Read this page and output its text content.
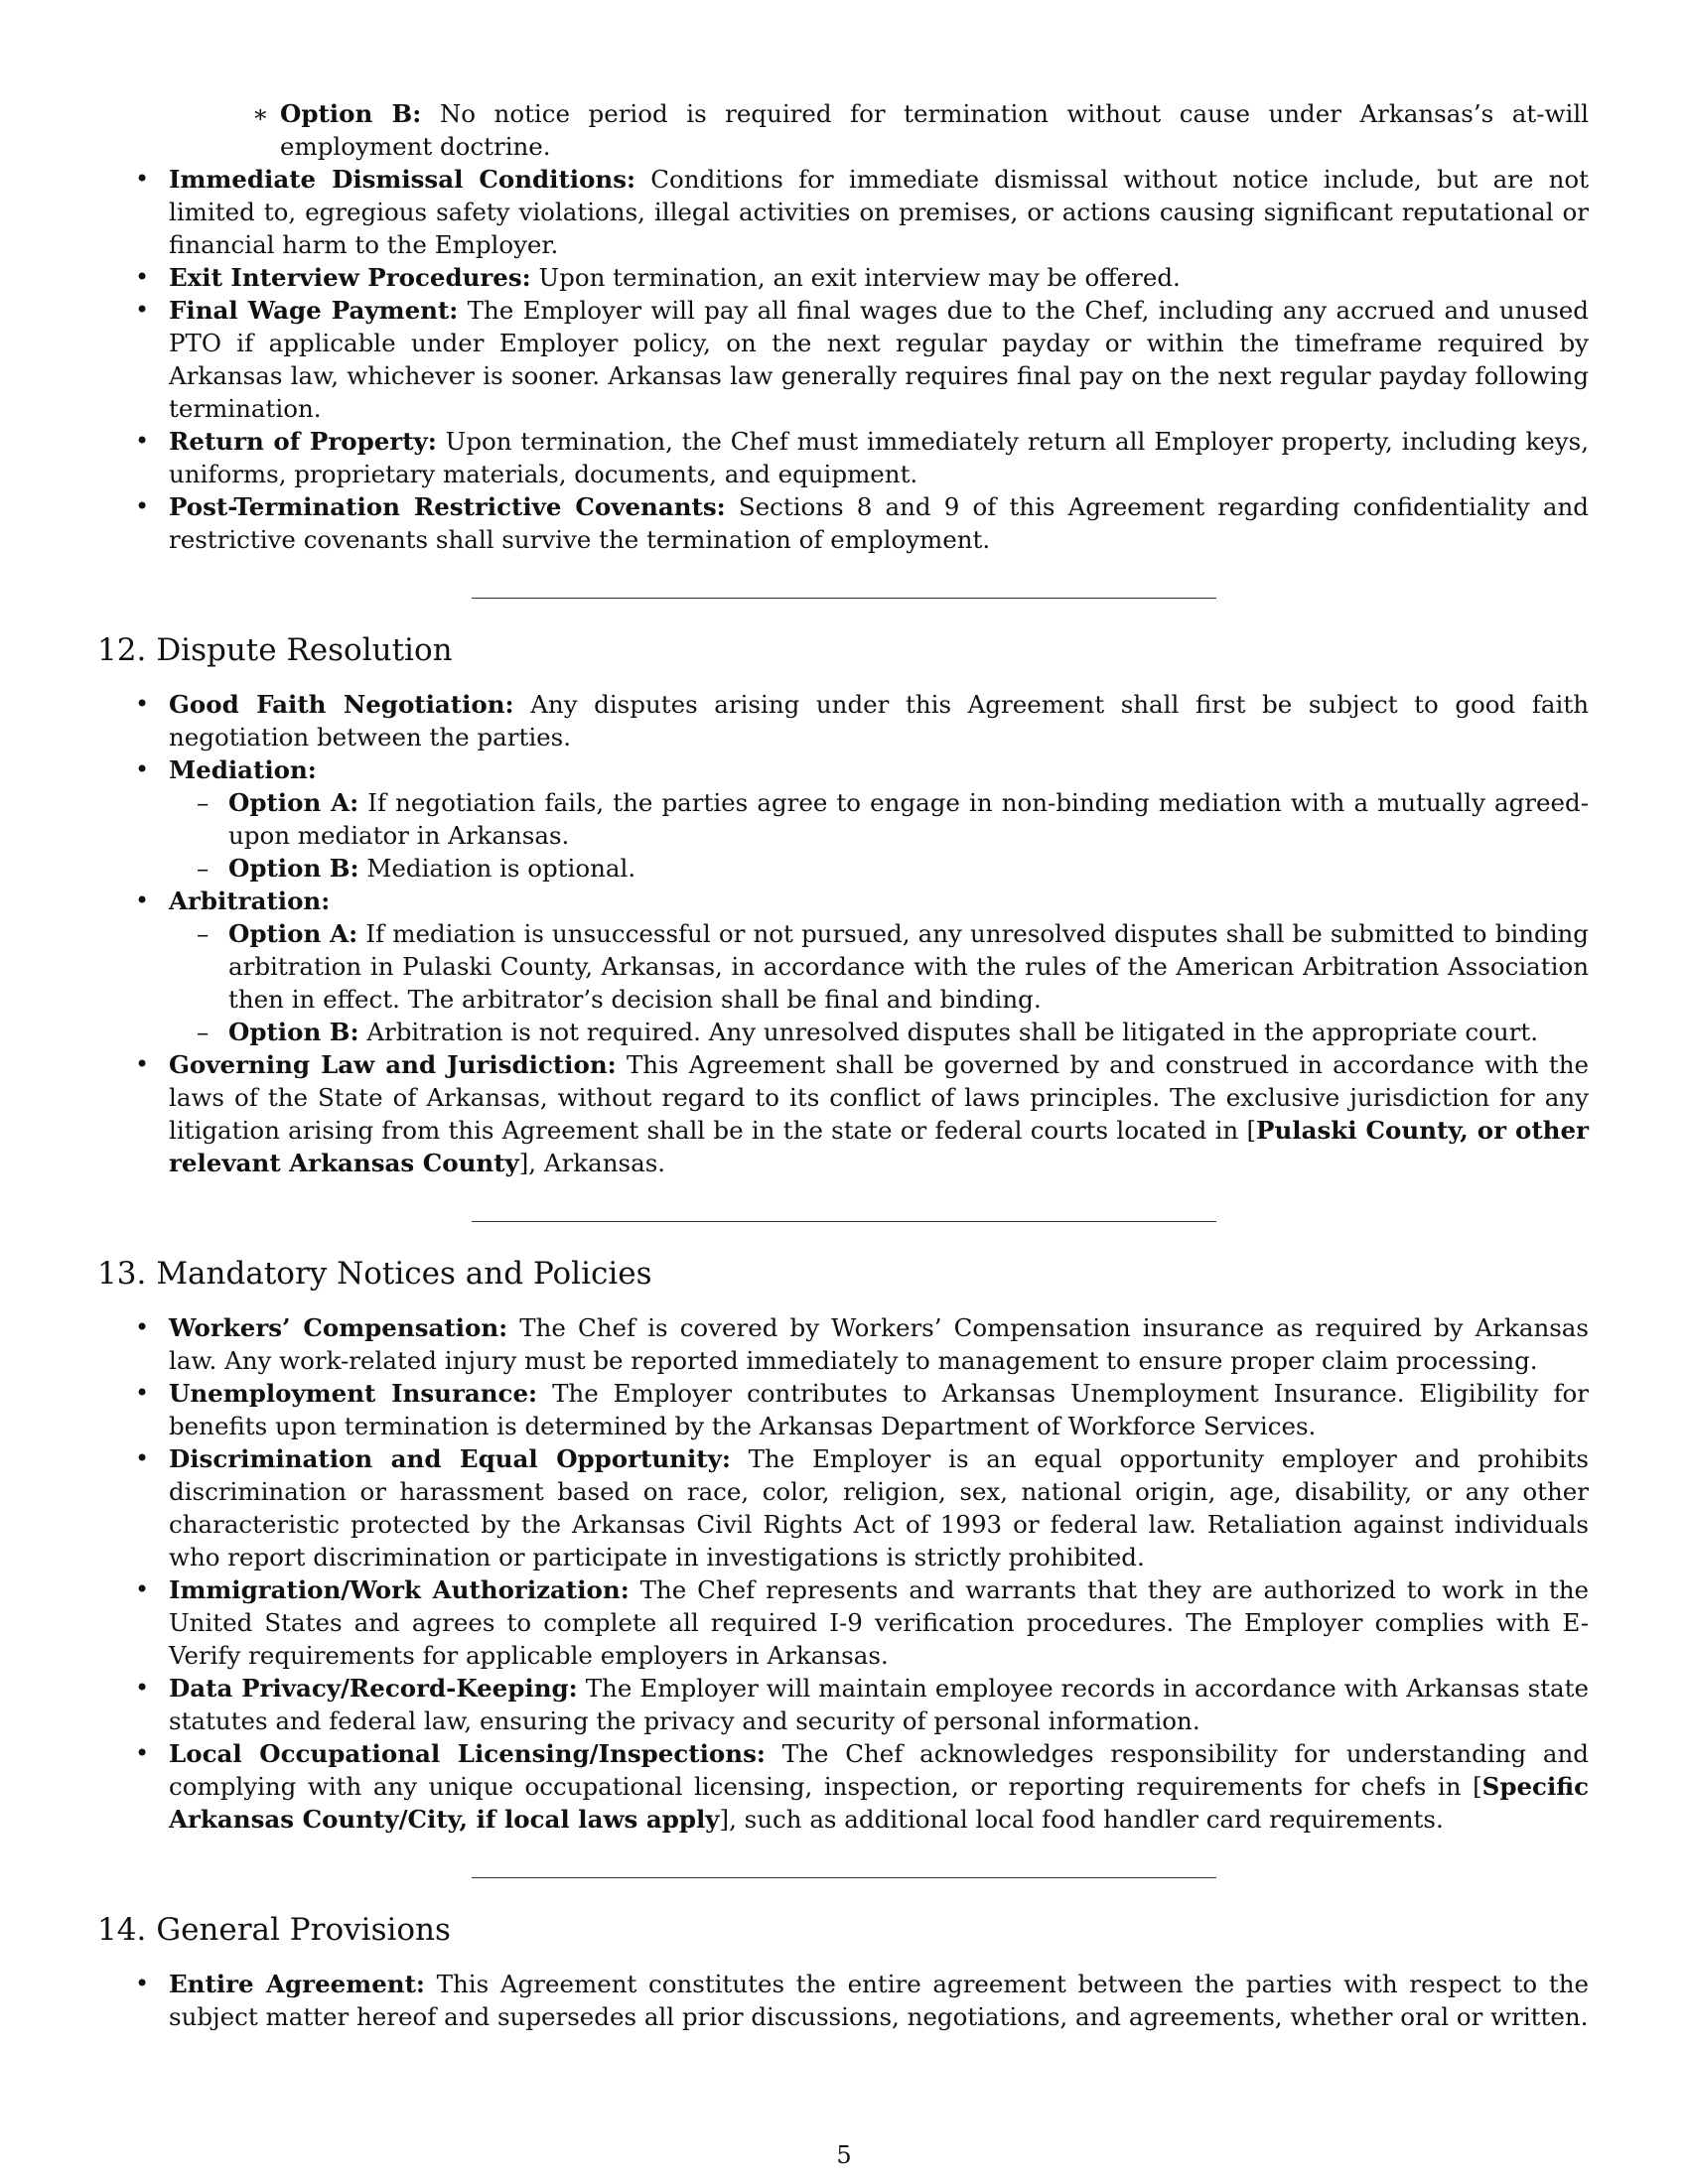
∗ Option B: No notice period is required for termination without cause under Arkansas’s at-will employment doctrine.
• Immediate Dismissal Conditions: Conditions for immediate dismissal without notice include, but are not limited to, egregious safety violations, illegal activities on premises, or actions causing significant reputational or financial harm to the Employer.
• Exit Interview Procedures: Upon termination, an exit interview may be offered.
• Final Wage Payment: The Employer will pay all final wages due to the Chef, including any accrued and unused PTO if applicable under Employer policy, on the next regular payday or within the timeframe required by Arkansas law, whichever is sooner. Arkansas law generally requires final pay on the next regular payday following termination.
• Return of Property: Upon termination, the Chef must immediately return all Employer property, including keys, uniforms, proprietary materials, documents, and equipment.
• Post-Termination Restrictive Covenants: Sections 8 and 9 of this Agreement regarding confidentiality and restrictive covenants shall survive the termination of employment.
12. Dispute Resolution
• Good Faith Negotiation: Any disputes arising under this Agreement shall first be subject to good faith negotiation between the parties.
• Mediation:
– Option A: If negotiation fails, the parties agree to engage in non-binding mediation with a mutually agreed-upon mediator in Arkansas.
– Option B: Mediation is optional.
• Arbitration:
– Option A: If mediation is unsuccessful or not pursued, any unresolved disputes shall be submitted to binding arbitration in Pulaski County, Arkansas, in accordance with the rules of the American Arbitration Association then in effect. The arbitrator’s decision shall be final and binding.
– Option B: Arbitration is not required. Any unresolved disputes shall be litigated in the appropriate court.
• Governing Law and Jurisdiction: This Agreement shall be governed by and construed in accordance with the laws of the State of Arkansas, without regard to its conflict of laws principles. The exclusive jurisdiction for any litigation arising from this Agreement shall be in the state or federal courts located in [Pulaski County, or other relevant Arkansas County], Arkansas.
13. Mandatory Notices and Policies
• Workers’ Compensation: The Chef is covered by Workers’ Compensation insurance as required by Arkansas law. Any work-related injury must be reported immediately to management to ensure proper claim processing.
• Unemployment Insurance: The Employer contributes to Arkansas Unemployment Insurance. Eligibility for benefits upon termination is determined by the Arkansas Department of Workforce Services.
• Discrimination and Equal Opportunity: The Employer is an equal opportunity employer and prohibits discrimination or harassment based on race, color, religion, sex, national origin, age, disability, or any other characteristic protected by the Arkansas Civil Rights Act of 1993 or federal law. Retaliation against individuals who report discrimination or participate in investigations is strictly prohibited.
• Immigration/Work Authorization: The Chef represents and warrants that they are authorized to work in the United States and agrees to complete all required I-9 verification procedures. The Employer complies with E-Verify requirements for applicable employers in Arkansas.
• Data Privacy/Record-Keeping: The Employer will maintain employee records in accordance with Arkansas state statutes and federal law, ensuring the privacy and security of personal information.
• Local Occupational Licensing/Inspections: The Chef acknowledges responsibility for understanding and complying with any unique occupational licensing, inspection, or reporting requirements for chefs in [Specific Arkansas County/City, if local laws apply], such as additional local food handler card requirements.
14. General Provisions
• Entire Agreement: This Agreement constitutes the entire agreement between the parties with respect to the subject matter hereof and supersedes all prior discussions, negotiations, and agreements, whether oral or written.
5
